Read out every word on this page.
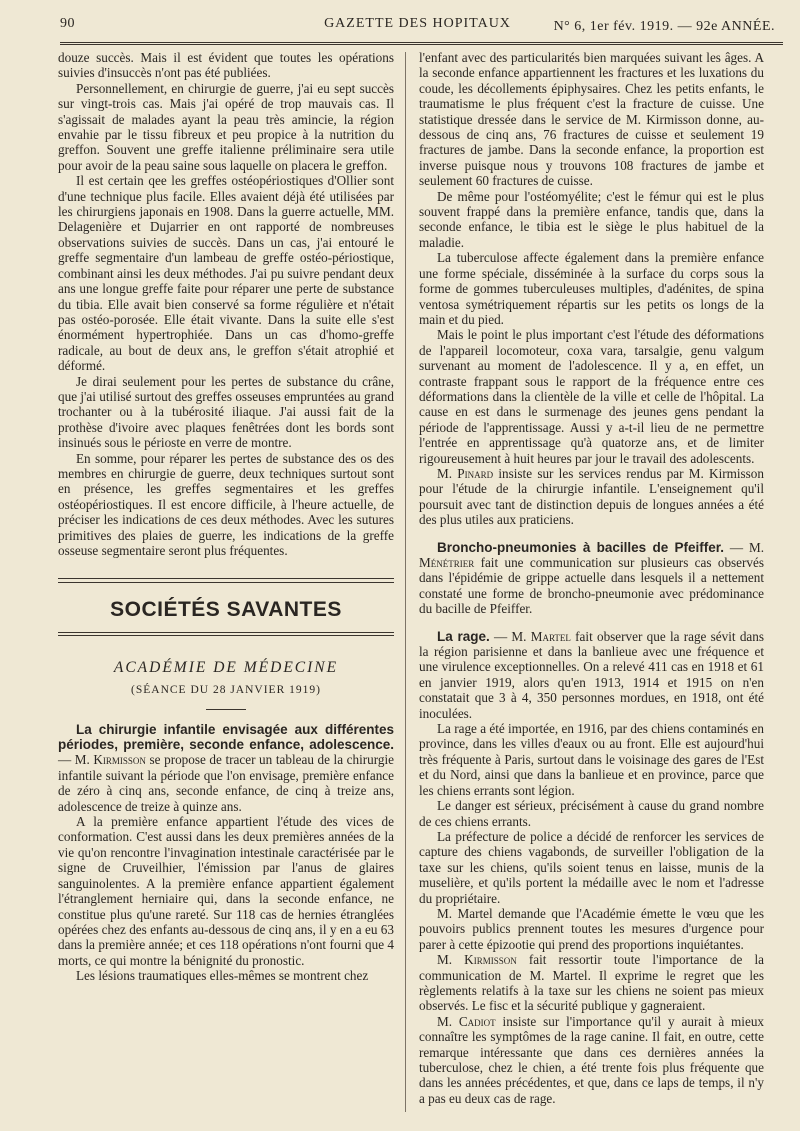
90	GAZETTE DES HOPITAUX	N° 6, 1er fév. 1919. — 92e ANNÉE.

douze succès. Mais il est évident que toutes les opérations suivies d'insuccès n'ont pas été publiées.

Personnellement, en chirurgie de guerre, j'ai eu sept succès sur vingt-trois cas. Mais j'ai opéré de trop mauvais cas. Il s'agissait de malades ayant la peau très amincie, la région envahie par le tissu fibreux et peu propice à la nutrition du greffon. Souvent une greffe italienne préliminaire sera utile pour avoir de la peau saine sous laquelle on placera le greffon.

Il est certain qee les greffes ostéopériostiques d'Ollier sont d'une technique plus facile. Elles avaient déjà été utilisées par les chirurgiens japonais en 1908. Dans la guerre actuelle, MM. Delagenière et Dujarrier en ont rapporté de nombreuses observations suivies de succès. Dans un cas, j'ai entouré le greffe segmentaire d'un lambeau de greffe ostéo-périostique, combinant ainsi les deux méthodes. J'ai pu suivre pendant deux ans une longue greffe faite pour réparer une perte de substance du tibia. Elle avait bien conservé sa forme régulière et n'était pas ostéo-porosée. Elle était vivante. Dans la suite elle s'est énormément hypertrophiée. Dans un cas d'homo-greffe radicale, au bout de deux ans, le greffon s'était atrophié et déformé.

Je dirai seulement pour les pertes de substance du crâne, que j'ai utilisé surtout des greffes osseuses empruntées au grand trochanter ou à la tubérosité iliaque. J'ai aussi fait de la prothèse d'ivoire avec plaques fenêtrées dont les bords sont insinués sous le périoste en verre de montre.

En somme, pour réparer les pertes de substance des os des membres en chirurgie de guerre, deux techniques surtout sont en présence, les greffes segmentaires et les greffes ostéopériostiques. Il est encore difficile, à l'heure actuelle, de préciser les indications de ces deux méthodes. Avec les sutures primitives des plaies de guerre, les indications de la greffe osseuse segmentaire seront plus fréquentes.

SOCIÉTÉS SAVANTES
ACADÉMIE DE MÉDECINE
(SÉANCE DU 28 JANVIER 1919)

La chirurgie infantile envisagée aux différentes périodes, première, seconde enfance, adolescence. — M. Kirmisson se propose de tracer un tableau de la chirurgie infantile suivant la période que l'on envisage, première enfance de zéro à cinq ans, seconde enfance, de cinq à treize ans, adolescence de treize à quinze ans.

A la première enfance appartient l'étude des vices de conformation. C'est aussi dans les deux premières années de la vie qu'on rencontre l'invagination intestinale caractérisée par le signe de Cruveilhier, l'émission par l'anus de glaires sanguinolentes. A la première enfance appartient également l'étranglement herniaire qui, dans la seconde enfance, ne constitue plus qu'une rareté. Sur 118 cas de hernies étranglées opérées chez des enfants au-dessous de cinq ans, il y en a eu 63 dans la première année; et ces 118 opérations n'ont fourni que 4 morts, ce qui montre la bénignité du pronostic.

Les lésions traumatiques elles-mêmes se montrent chez

l'enfant avec des particularités bien marquées suivant les âges. A la seconde enfance appartiennent les fractures et les luxations du coude, les décollements épiphysaires. Chez les petits enfants, le traumatisme le plus fréquent c'est la fracture de cuisse. Une statistique dressée dans le service de M. Kirmisson donne, au-dessous de cinq ans, 76 fractures de cuisse et seulement 19 fractures de jambe. Dans la seconde enfance, la proportion est inverse puisque nous y trouvons 108 fractures de jambe et seulement 60 fractures de cuisse.

De même pour l'ostéomyélite; c'est le fémur qui est le plus souvent frappé dans la première enfance, tandis que, dans la seconde enfance, le tibia est le siège le plus habituel de la maladie.

La tuberculose affecte également dans la première enfance une forme spéciale, disséminée à la surface du corps sous la forme de gommes tuberculeuses multiples, d'adénites, de spina ventosa symétriquement répartis sur les petits os longs de la main et du pied.

Mais le point le plus important c'est l'étude des déformations de l'appareil locomoteur, coxa vara, tarsalgie, genu valgum survenant au moment de l'adolescence. Il y a, en effet, un contraste frappant sous le rapport de la fréquence entre ces déformations dans la clientèle de la ville et celle de l'hôpital. La cause en est dans le surmenage des jeunes gens pendant la période de l'apprentissage. Aussi y a-t-il lieu de ne permettre l'entrée en apprentissage qu'à quatorze ans, et de limiter rigoureusement à huit heures par jour le travail des adolescents.

M. Pinard insiste sur les services rendus par M. Kirmisson pour l'étude de la chirurgie infantile. L'enseignement qu'il poursuit avec tant de distinction depuis de longues années a été des plus utiles aux praticiens.

Broncho-pneumonies à bacilles de Pfeiffer. — M. Ménétrier fait une communication sur plusieurs cas observés dans l'épidémie de grippe actuelle dans lesquels il a nettement constaté une forme de broncho-pneumonie avec prédominance du bacille de Pfeiffer.

La rage. — M. Martel fait observer que la rage sévit dans la région parisienne et dans la banlieue avec une fréquence et une virulence exceptionnelles. On a relevé 411 cas en 1918 et 61 en janvier 1919, alors qu'en 1913, 1914 et 1915 on n'en constatait que 3 à 4, 350 personnes mordues, en 1918, ont été inoculées.

La rage a été importée, en 1916, par des chiens contaminés en province, dans les villes d'eaux ou au front. Elle est aujourd'hui très fréquente à Paris, surtout dans le voisinage des gares de l'Est et du Nord, ainsi que dans la banlieue et en province, parce que les chiens errants sont légion.

Le danger est sérieux, précisément à cause du grand nombre de ces chiens errants.

La préfecture de police a décidé de renforcer les services de capture des chiens vagabonds, de surveiller l'obligation de la taxe sur les chiens, qu'ils soient tenus en laisse, munis de la muselière, et qu'ils portent la médaille avec le nom et l'adresse du propriétaire.

M. Martel demande que l'Académie émette le vœu que les pouvoirs publics prennent toutes les mesures d'urgence pour parer à cette épizootie qui prend des proportions inquiétantes.

M. Kirmisson fait ressortir toute l'importance de la communication de M. Martel. Il exprime le regret que les règlements relatifs à la taxe sur les chiens ne soient pas mieux observés. Le fisc et la sécurité publique y gagneraient.

M. Cadiot insiste sur l'importance qu'il y aurait à mieux connaître les symptômes de la rage canine. Il fait, en outre, cette remarque intéressante que dans ces dernières années la tuberculose, chez le chien, a été trente fois plus fréquente que dans les années précédentes, et que, dans ce laps de temps, il n'y a pas eu deux cas de rage.
